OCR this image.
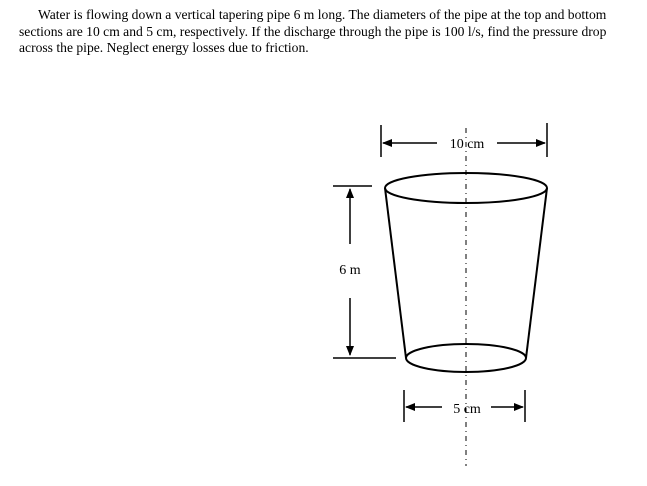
Water is flowing down a vertical tapering pipe 6 m long. The diameters of the pipe at the top and bottom sections are 10 cm and 5 cm, respectively. If the discharge through the pipe is 100 l/s, find the pressure drop across the pipe. Neglect energy losses due to friction.

10 cm
5 cm
6 m
